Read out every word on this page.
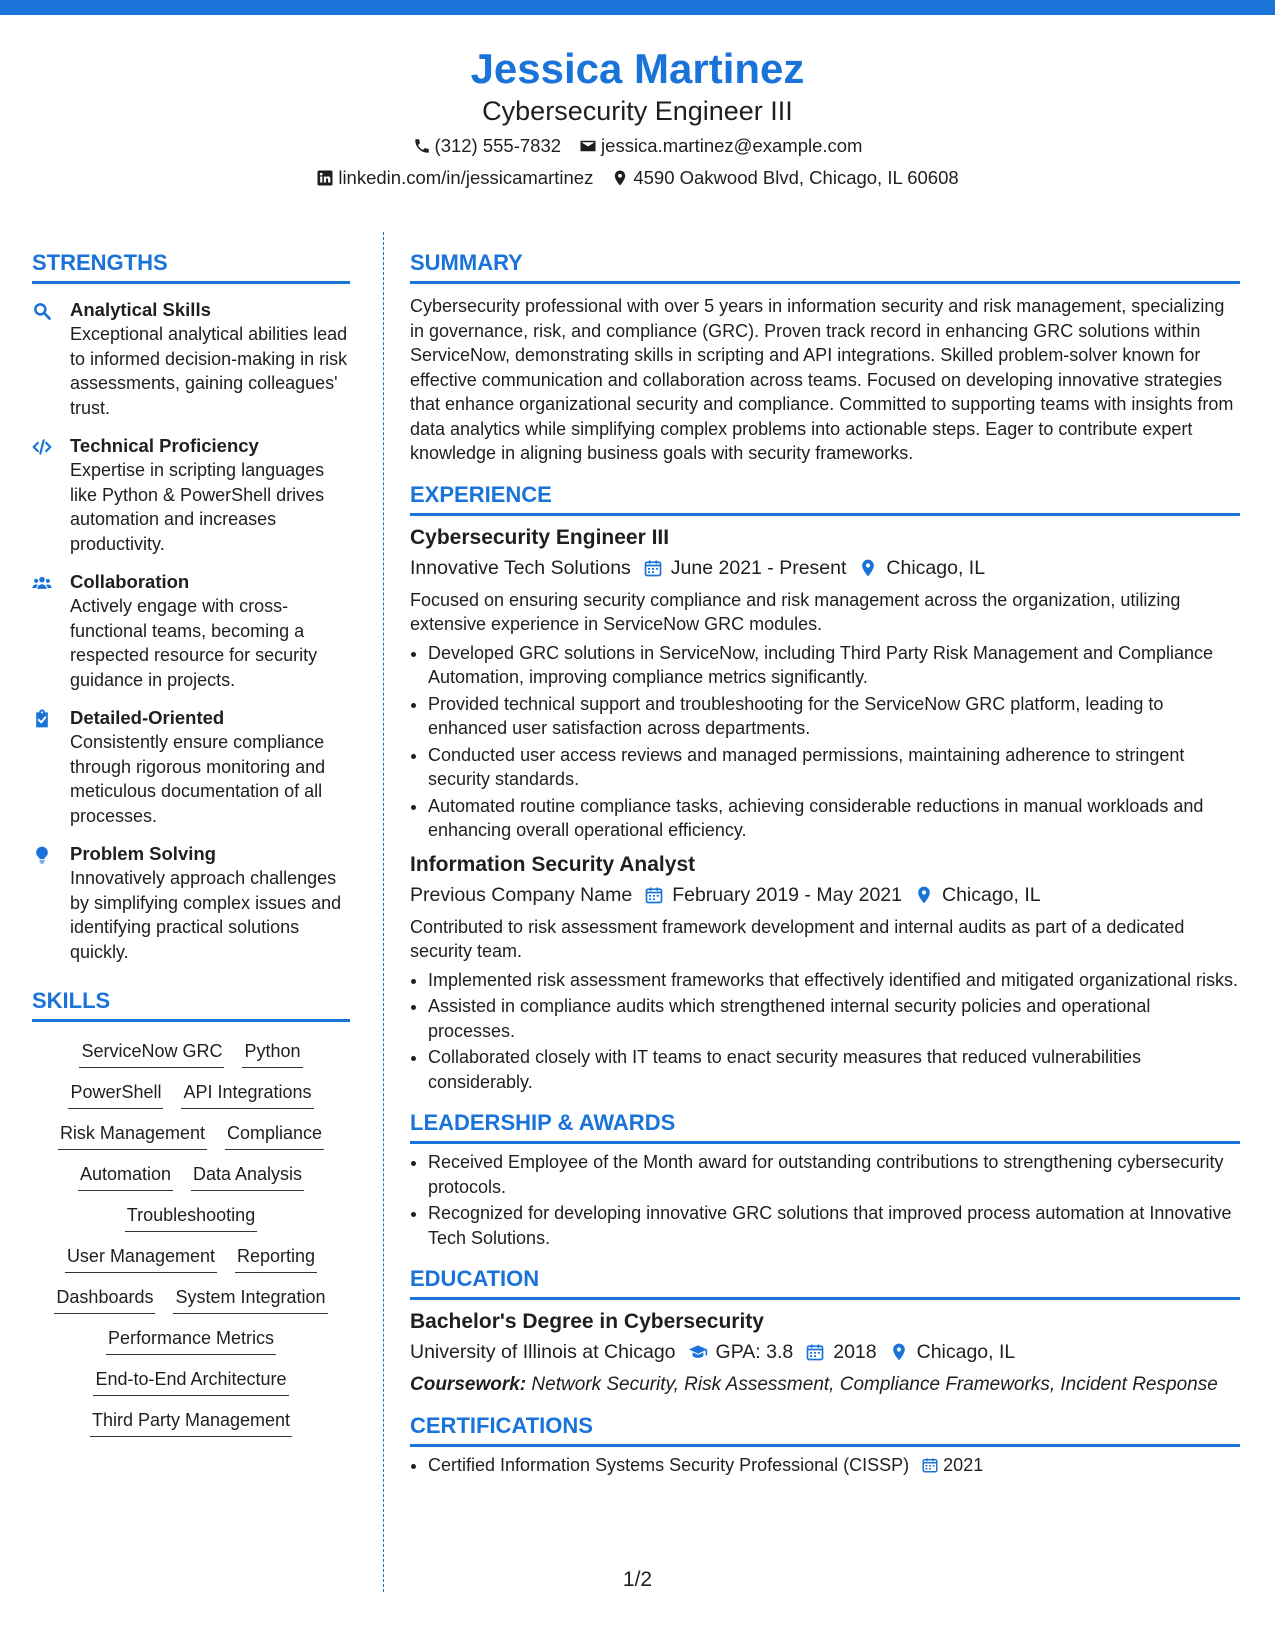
Jessica Martinez
Cybersecurity Engineer III
(312) 555-7832 jessica.martinez@example.com
linkedin.com/in/jessicamartinez 4590 Oakwood Blvd, Chicago, IL 60608
STRENGTHS
Analytical Skills
Exceptional analytical abilities lead to informed decision-making in risk assessments, gaining colleagues' trust.
Technical Proficiency
Expertise in scripting languages like Python & PowerShell drives automation and increases productivity.
Collaboration
Actively engage with cross-functional teams, becoming a respected resource for security guidance in projects.
Detailed-Oriented
Consistently ensure compliance through rigorous monitoring and meticulous documentation of all processes.
Problem Solving
Innovatively approach challenges by simplifying complex issues and identifying practical solutions quickly.
SKILLS
ServiceNow GRC Python
PowerShell API Integrations
Risk Management Compliance
Automation Data Analysis
Troubleshooting
User Management Reporting
Dashboards System Integration
Performance Metrics
End-to-End Architecture
Third Party Management
SUMMARY
Cybersecurity professional with over 5 years in information security and risk management, specializing in governance, risk, and compliance (GRC). Proven track record in enhancing GRC solutions within ServiceNow, demonstrating skills in scripting and API integrations. Skilled problem-solver known for effective communication and collaboration across teams. Focused on developing innovative strategies that enhance organizational security and compliance. Committed to supporting teams with insights from data analytics while simplifying complex problems into actionable steps. Eager to contribute expert knowledge in aligning business goals with security frameworks.
EXPERIENCE
Cybersecurity Engineer III
Innovative Tech Solutions June 2021 - Present Chicago, IL
Focused on ensuring security compliance and risk management across the organization, utilizing extensive experience in ServiceNow GRC modules.
• Developed GRC solutions in ServiceNow, including Third Party Risk Management and Compliance Automation, improving compliance metrics significantly.
• Provided technical support and troubleshooting for the ServiceNow GRC platform, leading to enhanced user satisfaction across departments.
• Conducted user access reviews and managed permissions, maintaining adherence to stringent security standards.
• Automated routine compliance tasks, achieving considerable reductions in manual workloads and enhancing overall operational efficiency.
Information Security Analyst
Previous Company Name February 2019 - May 2021 Chicago, IL
Contributed to risk assessment framework development and internal audits as part of a dedicated security team.
• Implemented risk assessment frameworks that effectively identified and mitigated organizational risks.
• Assisted in compliance audits which strengthened internal security policies and operational processes.
• Collaborated closely with IT teams to enact security measures that reduced vulnerabilities considerably.
LEADERSHIP & AWARDS
• Received Employee of the Month award for outstanding contributions to strengthening cybersecurity protocols.
• Recognized for developing innovative GRC solutions that improved process automation at Innovative Tech Solutions.
EDUCATION
Bachelor's Degree in Cybersecurity
University of Illinois at Chicago GPA: 3.8 2018 Chicago, IL
Coursework: Network Security, Risk Assessment, Compliance Frameworks, Incident Response
CERTIFICATIONS
• Certified Information Systems Security Professional (CISSP) 2021
1/2
